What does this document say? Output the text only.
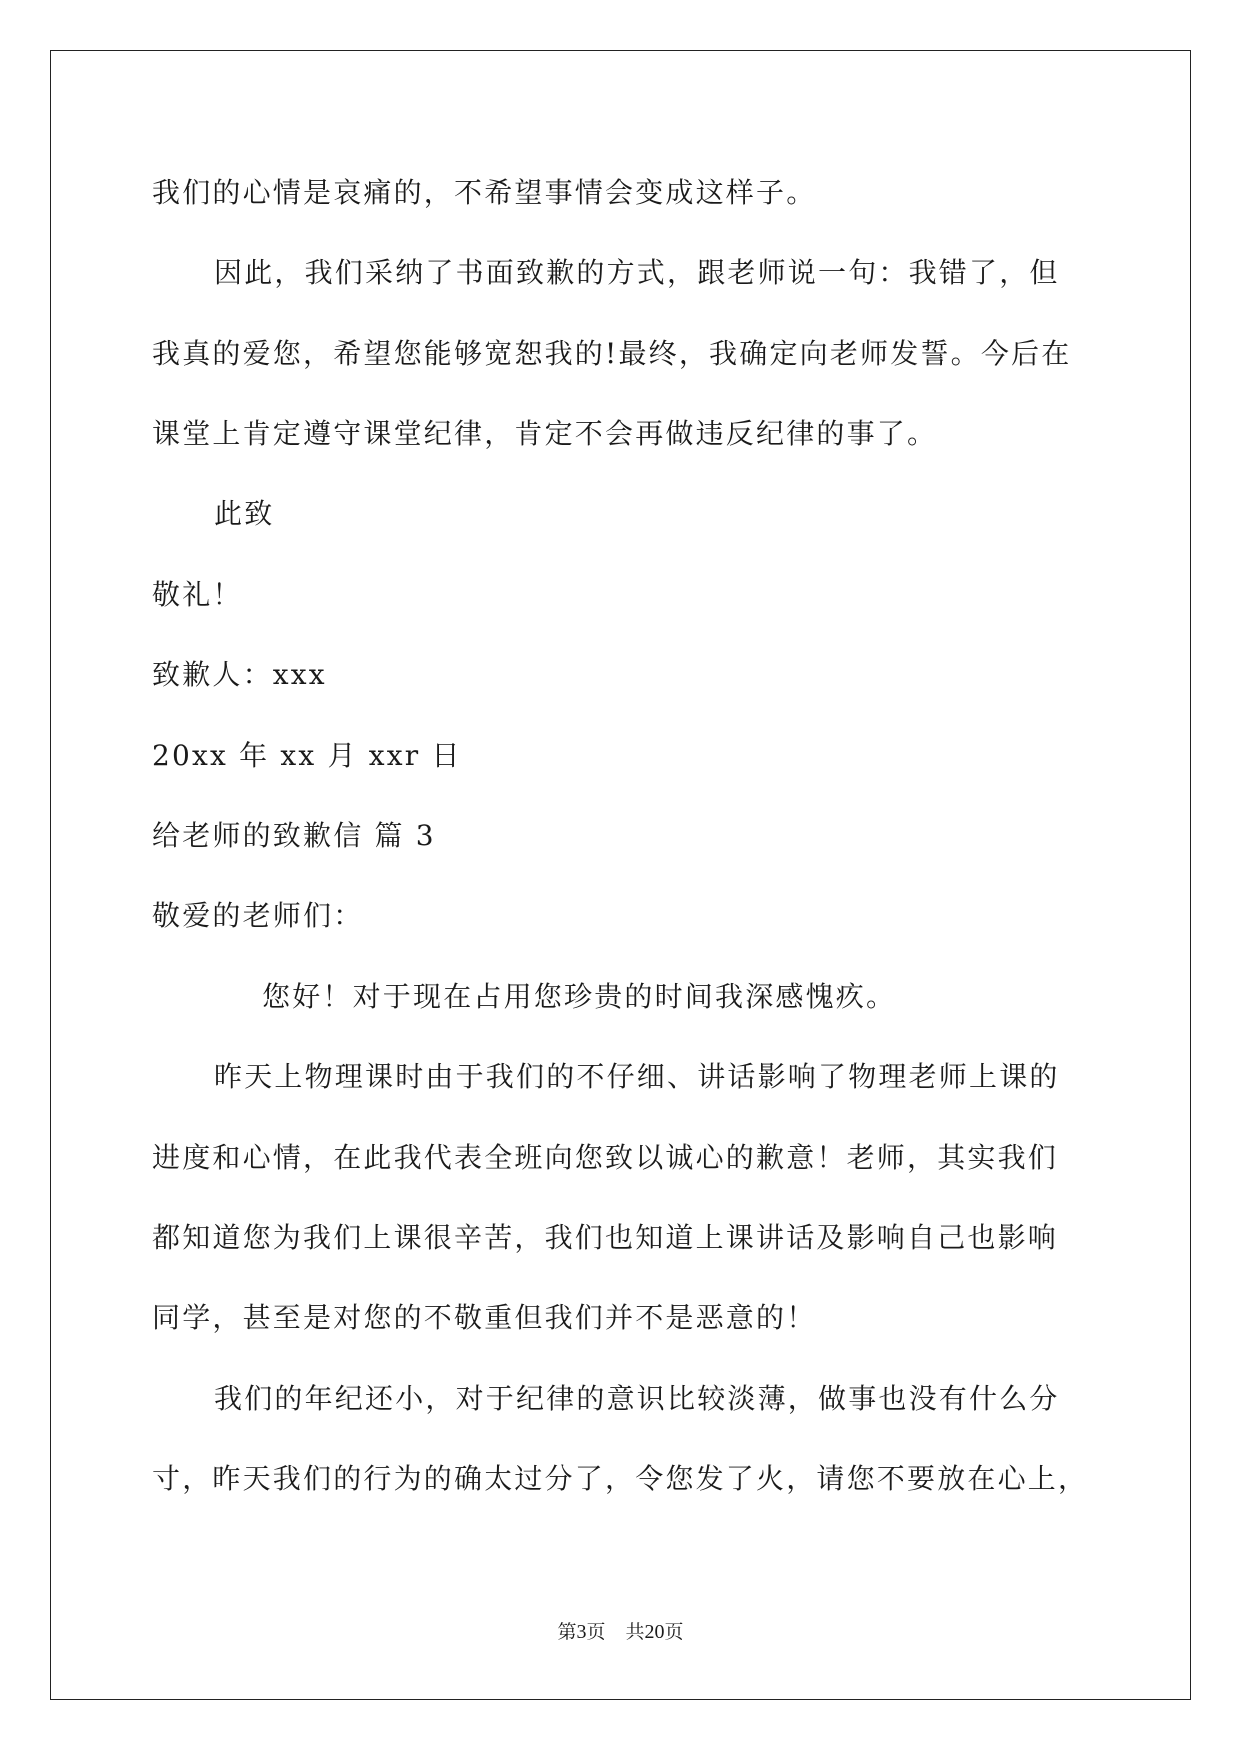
我们的心情是哀痛的，不希望事情会变成这样子。
因此，我们采纳了书面致歉的方式，跟老师说一句：我错了，但
我真的爱您，希望您能够宽恕我的!最终，我确定向老师发誓。今后在
课堂上肯定遵守课堂纪律，肯定不会再做违反纪律的事了。
此致
敬礼！
致歉人：xxx
20xx 年 xx 月 xxr 日
给老师的致歉信 篇 3
敬爱的老师们：
您好！对于现在占用您珍贵的时间我深感愧疚。
昨天上物理课时由于我们的不仔细、讲话影响了物理老师上课的
进度和心情，在此我代表全班向您致以诚心的歉意！老师，其实我们
都知道您为我们上课很辛苦，我们也知道上课讲话及影响自己也影响
同学，甚至是对您的不敬重但我们并不是恶意的！
我们的年纪还小，对于纪律的意识比较淡薄，做事也没有什么分
寸，昨天我们的行为的确太过分了，令您发了火，请您不要放在心上，
第3页 共20页
